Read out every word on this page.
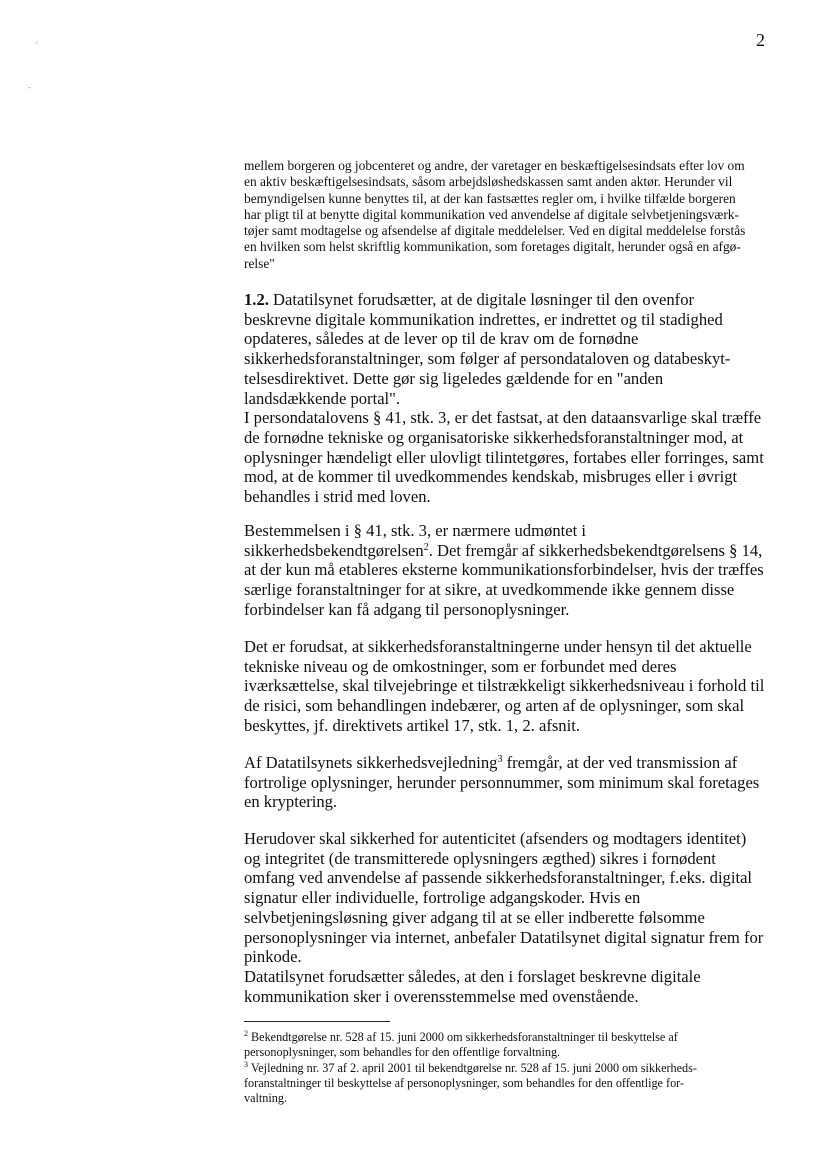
2
'
-
mellem borgeren og jobcenteret og andre, der varetager en beskæftigelsesindsats efter lov om
en aktiv beskæftigelsesindsats, såsom arbejdsløshedskassen samt anden aktør. Herunder vil
bemyndigelsen kunne benyttes til, at der kan fastsættes regler om, i hvilke tilfælde borgeren
har pligt til at benytte digital kommunikation ved anvendelse af digitale selvbetjeningsværk-
tøjer samt modtagelse og afsendelse af digitale meddelelser. Ved en digital meddelelse forstås
en hvilken som helst skriftlig kommunikation, som foretages digitalt, herunder også en afgø-
relse"
1.2. Datatilsynet forudsætter, at de digitale løsninger til den ovenfor
beskrevne digitale kommunikation indrettes, er indrettet og til stadighed
opdateres, således at de lever op til de krav om de fornødne
sikkerhedsforanstaltninger, som følger af persondataloven og databeskyt-
telsesdirektivet. Dette gør sig ligeledes gældende for en "anden
landsdækkende portal".
I persondatalovens § 41, stk. 3, er det fastsat, at den dataansvarlige skal træffe
de fornødne tekniske og organisatoriske sikkerhedsforanstaltninger mod, at
oplysninger hændeligt eller ulovligt tilintetgøres, fortabes eller forringes, samt
mod, at de kommer til uvedkommendes kendskab, misbruges eller i øvrigt
behandles i strid med loven.
Bestemmelsen i § 41, stk. 3, er nærmere udmøntet i
sikkerhedsbekendtgørelsen$^2$. Det fremgår af sikkerhedsbekendtgørelsens § 14,
at der kun må etableres eksterne kommunikationsforbindelser, hvis der træffes
særlige foranstaltninger for at sikre, at uvedkommende ikke gennem disse
forbindelser kan få adgang til personoplysninger.
Det er forudsat, at sikkerhedsforanstaltningerne under hensyn til det aktuelle
tekniske niveau og de omkostninger, som er forbundet med deres
iværksættelse, skal tilvejebringe et tilstrækkeligt sikkerhedsniveau i forhold til
de risici, som behandlingen indebærer, og arten af de oplysninger, som skal
beskyttes, jf. direktivets artikel 17, stk. 1, 2. afsnit.
Af Datatilsynets sikkerhedsvejledning$^3$ fremgår, at der ved transmission af
fortrolige oplysninger, herunder personnummer, som minimum skal foretages
en kryptering.
Herudover skal sikkerhed for autenticitet (afsenders og modtagers identitet)
og integritet (de transmitterede oplysningers ægthed) sikres i fornødent
omfang ved anvendelse af passende sikkerhedsforanstaltninger, f.eks. digital
signatur eller individuelle, fortrolige adgangskoder. Hvis en
selvbetjeningsløsning giver adgang til at se eller indberette følsomme
personoplysninger via internet, anbefaler Datatilsynet digital signatur frem for
pinkode.
Datatilsynet forudsætter således, at den i forslaget beskrevne digitale
kommunikation sker i overensstemmelse med ovenstående.
$^2$ Bekendtgørelse nr. 528 af 15. juni 2000 om sikkerhedsforanstaltninger til beskyttelse af
personoplysninger, som behandles for den offentlige forvaltning.
$^3$ Vejledning nr. 37 af 2. april 2001 til bekendtgørelse nr. 528 af 15. juni 2000 om sikkerheds-
foranstaltninger til beskyttelse af personoplysninger, som behandles for den offentlige for-
valtning.
